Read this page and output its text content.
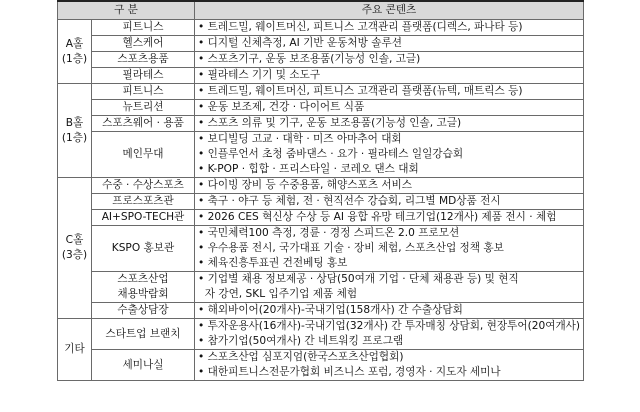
구 분		주요 콘텐츠

A홀
(1층)	피트니스	• 트레드밀, 웨이트머신, 피트니스 고객관리 플랫폼(디렉스, 파나타 등)

	헬스케어	• 디지털 신체측정, AI 기반 운동처방 솔루션

	스포츠용품	• 스포츠기구, 운동 보조용품(기능성 인솔, 고글)

	필라테스	• 필라테스 기기 및 소도구

B홀
(1층)	피트니스	• 트레드밀, 웨이트머신, 피트니스 고객관리 플랫폼(뉴텍, 매트릭스 등)

	뉴트리션	• 운동 보조제, 건강 · 다이어트 식품

	스포츠웨어 · 용품	• 스포츠 의류 및 기구, 운동 보조용품(기능성 인솔, 고글)

	메인무대	• 보디빌딩 고교 · 대학 · 미즈 아마추어 대회
• 인플루언서 초청 줌바댄스 · 요가 · 필라테스 일일강습회
• K-POP · 힙합 · 프리스타일 · 코레오 댄스 대회

C홀
(3층)	수중 · 수상스포츠	• 다이빙 장비 등 수중용품, 해양스포츠 서비스

	프로스포츠관	• 축구 · 야구 등 체험, 전 · 현직선수 강습회, 리그별 MD상품 전시

	AI+SPO-TECH관	• 2026 CES 혁신상 수상 등 AI 융합 유망 테크기업(12개사) 제품 전시 · 체험

	KSPO 홍보관	• 국민체력100 측정, 경륜 · 경정 스피드온 2.0 프로모션
• 우수용품 전시, 국가대표 기술 · 장비 체험, 스포츠산업 정책 홍보
• 체육진흥투표권 건전베팅 홍보

	스포츠산업
채용박람회	• 기업별 채용 정보제공 · 상담(50여개 기업 · 단체 채용관 등) 및 현직
자 강연, SKL 입주기업 제품 체험

	수출상담장	• 해외바이어(20개사)-국내기업(158개사) 간 수출상담회

기타	스타트업 브랜치	• 투자운용사(16개사)-국내기업(32개사) 간 투자매칭 상담회, 현장투어(20여개사)
• 참가기업(50여개사) 간 네트워킹 프로그램

	세미나실	• 스포츠산업 심포지엄(한국스포츠산업협회)
• 대한피트니스전문가협회 비즈니스 포럼, 경영자 · 지도자 세미나
